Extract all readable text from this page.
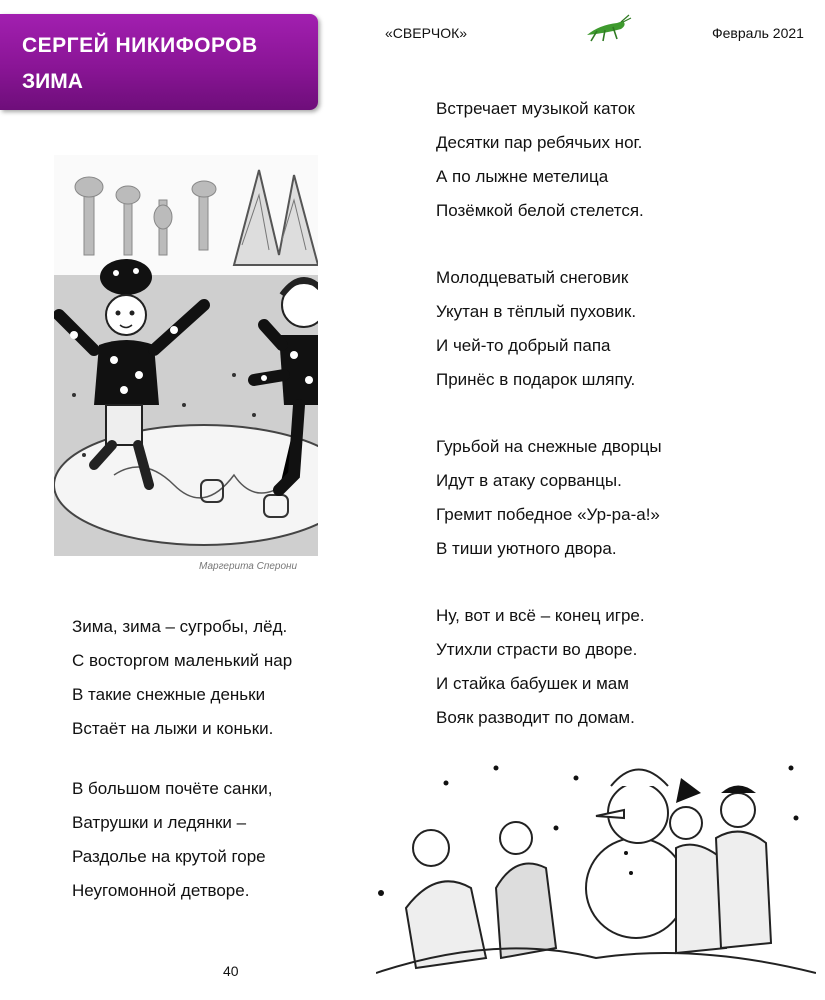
СЕРГЕЙ НИКИФОРОВ
ЗИМА
«СВЕРЧОК»	Февраль 2021
Маргерита Сперони
Зима, зима – сугробы, лёд.
С восторгом маленький нар
В такие снежные деньки
Встаёт на лыжи и коньки.
В большом почёте санки,
Ватрушки и ледянки –
Раздолье на крутой горе
Неугомонной детворе.
Встречает музыкой каток
Десятки пар ребячьих ног.
А по лыжне метелица
Позёмкой белой стелется.
Молодцеватый снеговик
Укутан в тёплый пуховик.
И чей-то добрый папа
Принёс в подарок шляпу.
Гурьбой на снежные дворцы
Идут в атаку сорванцы.
Гремит победное «Ур-ра-а!»
В тиши уютного двора.
Ну, вот и всё – конец игре.
Утихли страсти во дворе.
И стайка бабушек и мам
Вояк разводит по домам.
40
